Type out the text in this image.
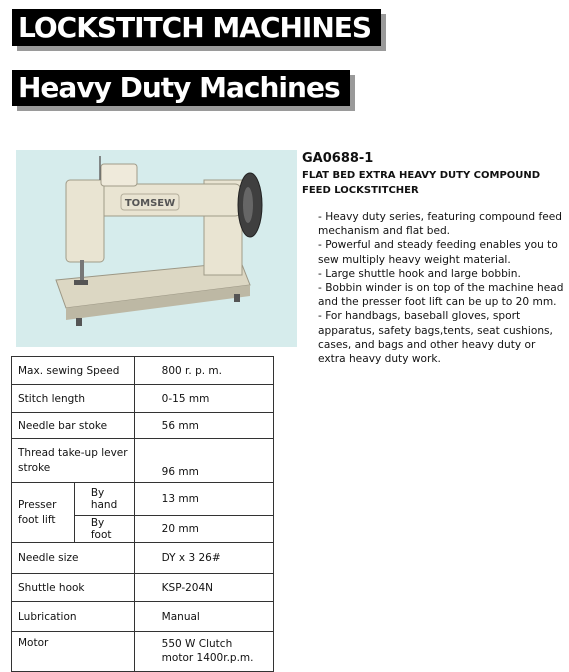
LOCKSTITCH MACHINES
Heavy Duty Machines
TOMSEW
GA0688-1
FLAT BED EXTRA HEAVY DUTY COMPOUND FEED LOCKSTITCHER
- Heavy duty series, featuring compound feed mechanism and flat bed.
- Powerful and steady feeding enables you to sew multiply heavy weight material.
- Large shuttle hook and large bobbin.
- Bobbin winder is on top of the machine head and the presser foot lift can be up to 20 mm.
- For handbags, baseball gloves, sport apparatus, safety bags,tents, seat cushions, cases, and bags and other heavy duty or extra heavy duty work.
Max. sewing Speed		800 r. p. m.
Stitch length		0-15 mm
Needle bar stoke		56 mm
Thread take-up lever stroke		96 mm
Presser foot lift	By hand	13 mm
	By foot	20 mm
Needle size		DY x 3 26#
Shuttle hook		KSP-204N
Lubrication		Manual
Motor		550 W Clutch motor 1400r.p.m.
